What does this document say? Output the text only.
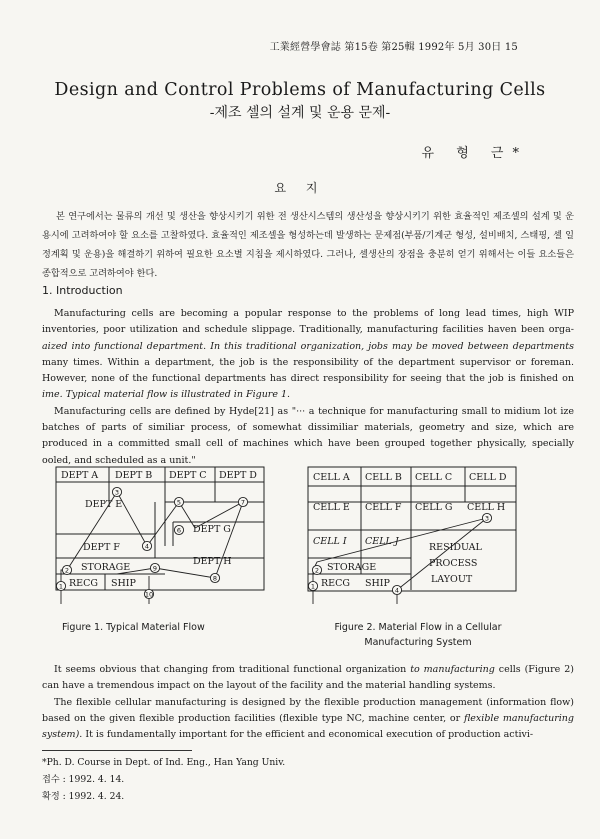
工業經營學會誌 第15卷 第25輯 1992年 5月 30日 15
Design and Control Problems of Manufacturing Cells
-제조 셀의 설계 및 운용 문제-
유 형 근*
요 지

본 연구에서는 물류의 개선 및 생산을 향상시키기 위한 전 생산시스템의 생산성을 향상시키기 위한 효율적인 제조셀의 설계 및 운용시에 고려하여야 할 요소를 고찰하였다. 효율적인 제조셀을 형성하는데 발생하는 문제점(부품/기계군 형성, 설비배치, 스태핑, 셀 일정계획 및 운용)을 해결하기 위하여 필요한 요소별 지침을 제시하였다. 그러나, 셀생산의 장점을 충분히 얻기 위해서는 이들 요소들은 종합적으로 고려하여야 한다.

1. Introduction

Manufacturing cells are becoming a popular response to the problems of long lead times, high WIP inventories, poor utilization and schedule slippage. Traditionally, manufacturing facilities haven been orga- aized into functional department. In this traditional organization, jobs may be moved between departments many times. Within a department, the job is the responsibility of the department supervisor or foreman. However, none of the functional departments has direct responsibility for seeing that the job is finished on ime. Typical material flow is illustrated in Figure 1.

Manufacturing cells are defined by Hyde[21] as "··· a technique for manufacturing small to midium lot ize batches of parts of similiar process, of somewhat dissimiliar materials, geometry and size, which are produced in a committed small cell of machines which have been grouped together physically, specially ooled, and scheduled as a unit."

DEPT A DEPT B DEPT C DEPT D
DEPT E
DEPT G
DEPT F
DEPT H
STORAGE
RECG SHIP
1
2
3
4
5
6
7
8
9
10
CELL A CELL B CELL C CELL D
CELL E CELL F CELL G CELL H
CELL I CELL J
RESIDUAL
PROCESS
LAYOUT
STORAGE
RECG SHIP
1
2
3
4
Figure 1. Typical Material Flow	Figure 2. Material Flow in a Cellular
Manufacturing System

It seems obvious that changing from traditional functional organization to manufacturing cells (Figure 2) can have a tremendous impact on the layout of the facility and the material handling systems.

The flexible cellular manufacturing is designed by the flexible production management (information flow) based on the given flexible production facilities (flexible type NC, machine center, or flexible manufacturing system). It is fundamentally important for the efficient and economical execution of production activi-

*Ph. D. Course in Dept. of Ind. Eng., Han Yang Univ.
접수 : 1992. 4. 14.
확정 : 1992. 4. 24.
